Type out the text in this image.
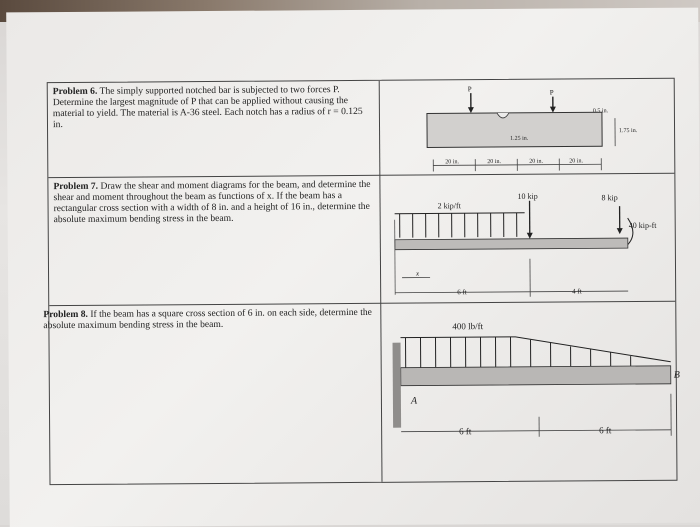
Problem 6. The simply supported notched bar is subjected to two forces P. Determine the largest magnitude of P that can be applied without causing the material to yield. The material is A-36 steel. Each notch has a radius of r = 0.125 in.
Problem 7. Draw the shear and moment diagrams for the beam, and determine the shear and moment throughout the beam as functions of x. If the beam has a rectangular cross section with a width of 8 in. and a height of 16 in., determine the absolute maximum bending stress in the beam.
Problem 8. If the beam has a square cross section of 6 in. on each side, determine the absolute maximum bending stress in the beam.
P	P
0.5 in.
1.25 in.
1.75 in.
20 in.	20 in.	20 in.	20 in.
2 kip/ft
10 kip	8 kip
40 kip-ft
x
6 ft	4 ft
400 lb/ft
A
B
6 ft	6 ft
